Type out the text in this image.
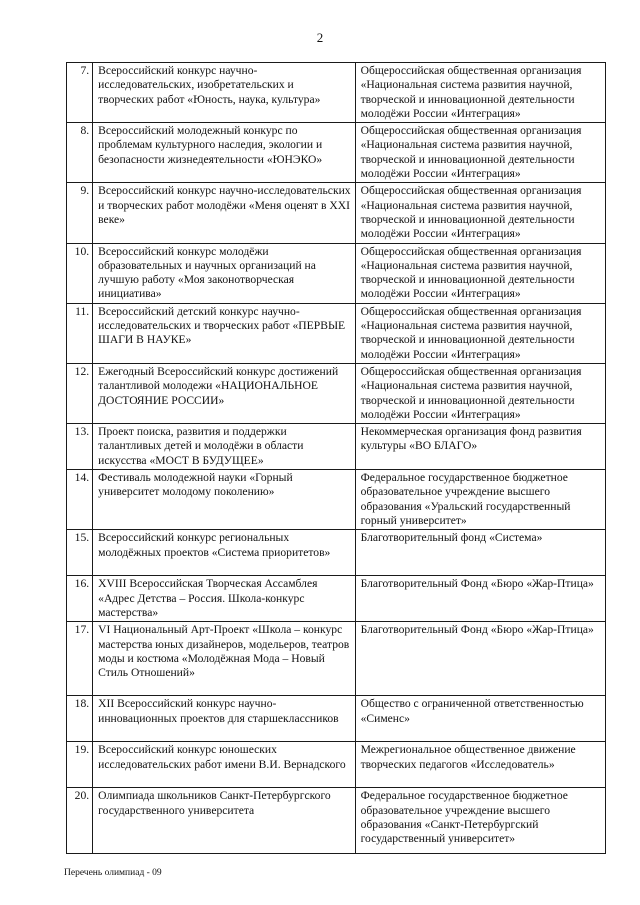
2
7.	Всероссийский конкурс научно-исследовательских, изобретательских и творческих работ «Юность, наука, культура»	Общероссийская общественная организация «Национальная система развития научной, творческой и инновационной деятельности молодёжи России «Интеграция»
8.	Всероссийский молодежный конкурс по проблемам культурного наследия, экологии и безопасности жизнедеятельности «ЮНЭКО»	Общероссийская общественная организация «Национальная система развития научной, творческой и инновационной деятельности молодёжи России «Интеграция»
9.	Всероссийский конкурс научно-исследовательских и творческих работ молодёжи «Меня оценят в XXI веке»	Общероссийская общественная организация «Национальная система развития научной, творческой и инновационной деятельности молодёжи России «Интеграция»
10.	Всероссийский конкурс молодёжи образовательных и научных организаций на лучшую работу «Моя законотворческая инициатива»	Общероссийская общественная организация «Национальная система развития научной, творческой и инновационной деятельности молодёжи России «Интеграция»
11.	Всероссийский детский конкурс научно-исследовательских и творческих работ «ПЕРВЫЕ ШАГИ В НАУКЕ»	Общероссийская общественная организация «Национальная система развития научной, творческой и инновационной деятельности молодёжи России «Интеграция»
12.	Ежегодный Всероссийский конкурс достижений талантливой молодежи «НАЦИОНАЛЬНОЕ ДОСТОЯНИЕ РОССИИ»	Общероссийская общественная организация «Национальная система развития научной, творческой и инновационной деятельности молодёжи России «Интеграция»
13.	Проект поиска, развития и поддержки талантливых детей и молодёжи в области искусства «МОСТ В БУДУЩЕЕ»	Некоммерческая организация фонд развития культуры «ВО БЛАГО»
14.	Фестиваль молодежной науки «Горный университет молодому поколению»	Федеральное государственное бюджетное образовательное учреждение высшего образования «Уральский государственный горный университет»
15.	Всероссийский конкурс региональных молодёжных проектов «Система приоритетов»	Благотворительный фонд «Система»
16.	XVIII Всероссийская Творческая Ассамблея «Адрес Детства – Россия. Школа-конкурс мастерства»	Благотворительный Фонд «Бюро «Жар-Птица»
17.	VI Национальный Арт-Проект «Школа – конкурс мастерства юных дизайнеров, модельеров, театров моды и костюма «Молодёжная Мода – Новый Стиль Отношений»	Благотворительный Фонд «Бюро «Жар-Птица»
18.	XII Всероссийский конкурс научно-инновационных проектов для старшеклассников	Общество с ограниченной ответственностью «Сименс»
19.	Всероссийский конкурс юношеских исследовательских работ имени В.И. Вернадского	Межрегиональное общественное движение творческих педагогов «Исследователь»
20.	Олимпиада школьников Санкт-Петербургского государственного университета	Федеральное государственное бюджетное образовательное учреждение высшего образования «Санкт-Петербургский государственный университет»
Перечень олимпиад - 09
